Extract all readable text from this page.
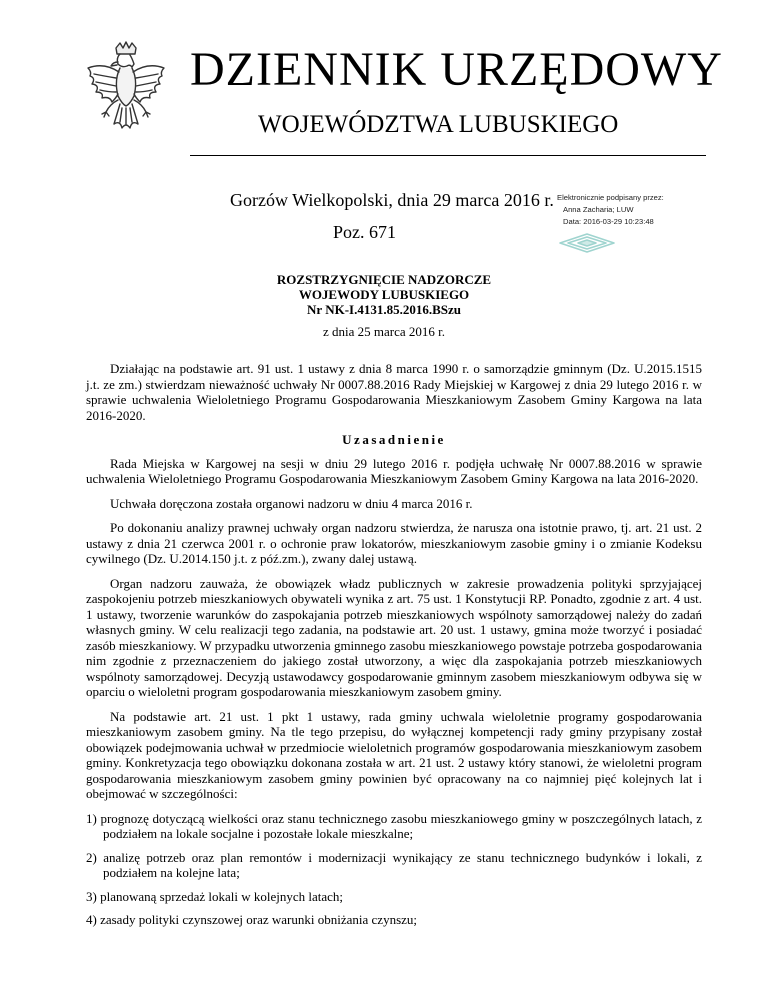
DZIENNIK URZĘDOWY
WOJEWÓDZTWA LUBUSKIEGO
Gorzów Wielkopolski, dnia 29 marca 2016 r.
Poz. 671
Elektronicznie podpisany przez:
Anna Zacharia; LUW
Data: 2016-03-29 10:23:48
ROZSTRZYGNIĘCIE NADZORCZE
WOJEWODY LUBUSKIEGO
Nr NK-I.4131.85.2016.BSzu
z dnia 25 marca 2016 r.

Działając na podstawie art. 91 ust. 1 ustawy z dnia 8 marca 1990 r. o samorządzie gminnym (Dz. U.2015.1515 j.t. ze zm.) stwierdzam nieważność uchwały Nr 0007.88.2016 Rady Miejskiej w Kargowej z dnia 29 lutego 2016 r. w sprawie uchwalenia Wieloletniego Programu Gospodarowania Mieszkaniowym Zasobem Gminy Kargowa na lata 2016-2020.

Uzasadnienie

Rada Miejska w Kargowej na sesji w dniu 29 lutego 2016 r. podjęła uchwałę Nr 0007.88.2016 w sprawie uchwalenia Wieloletniego Programu Gospodarowania Mieszkaniowym Zasobem Gminy Kargowa na lata 2016-2020.

Uchwała doręczona została organowi nadzoru w dniu 4 marca 2016 r.

Po dokonaniu analizy prawnej uchwały organ nadzoru stwierdza, że narusza ona istotnie prawo, tj. art. 21 ust. 2 ustawy z dnia 21 czerwca 2001 r. o ochronie praw lokatorów, mieszkaniowym zasobie gminy i o zmianie Kodeksu cywilnego (Dz. U.2014.150 j.t. z póź.zm.), zwany dalej ustawą.

Organ nadzoru zauważa, że obowiązek władz publicznych w zakresie prowadzenia polityki sprzyjającej zaspokojeniu potrzeb mieszkaniowych obywateli wynika z art. 75 ust. 1 Konstytucji RP. Ponadto, zgodnie z art. 4 ust. 1 ustawy, tworzenie warunków do zaspokajania potrzeb mieszkaniowych wspólnoty samorządowej należy do zadań własnych gminy. W celu realizacji tego zadania, na podstawie art. 20 ust. 1 ustawy, gmina może tworzyć i posiadać zasób mieszkaniowy. W przypadku utworzenia gminnego zasobu mieszkaniowego powstaje potrzeba gospodarowania nim zgodnie z przeznaczeniem do jakiego został utworzony, a więc dla zaspokajania potrzeb mieszkaniowych wspólnoty samorządowej. Decyzją ustawodawcy gospodarowanie gminnym zasobem mieszkaniowym odbywa się w oparciu o wieloletni program gospodarowania mieszkaniowym zasobem gminy.

Na podstawie art. 21 ust. 1 pkt 1 ustawy, rada gminy uchwala wieloletnie programy gospodarowania mieszkaniowym zasobem gminy. Na tle tego przepisu, do wyłącznej kompetencji rady gminy przypisany został obowiązek podejmowania uchwał w przedmiocie wieloletnich programów gospodarowania mieszkaniowym zasobem gminy. Konkretyzacja tego obowiązku dokonana została w art. 21 ust. 2 ustawy który stanowi, że wieloletni program gospodarowania mieszkaniowym zasobem gminy powinien być opracowany na co najmniej pięć kolejnych lat i obejmować w szczególności:

1) prognozę dotyczącą wielkości oraz stanu technicznego zasobu mieszkaniowego gminy w poszczególnych latach, z podziałem na lokale socjalne i pozostałe lokale mieszkalne;
2) analizę potrzeb oraz plan remontów i modernizacji wynikający ze stanu technicznego budynków i lokali, z podziałem na kolejne lata;
3) planowaną sprzedaż lokali w kolejnych latach;
4) zasady polityki czynszowej oraz warunki obniżania czynszu;
